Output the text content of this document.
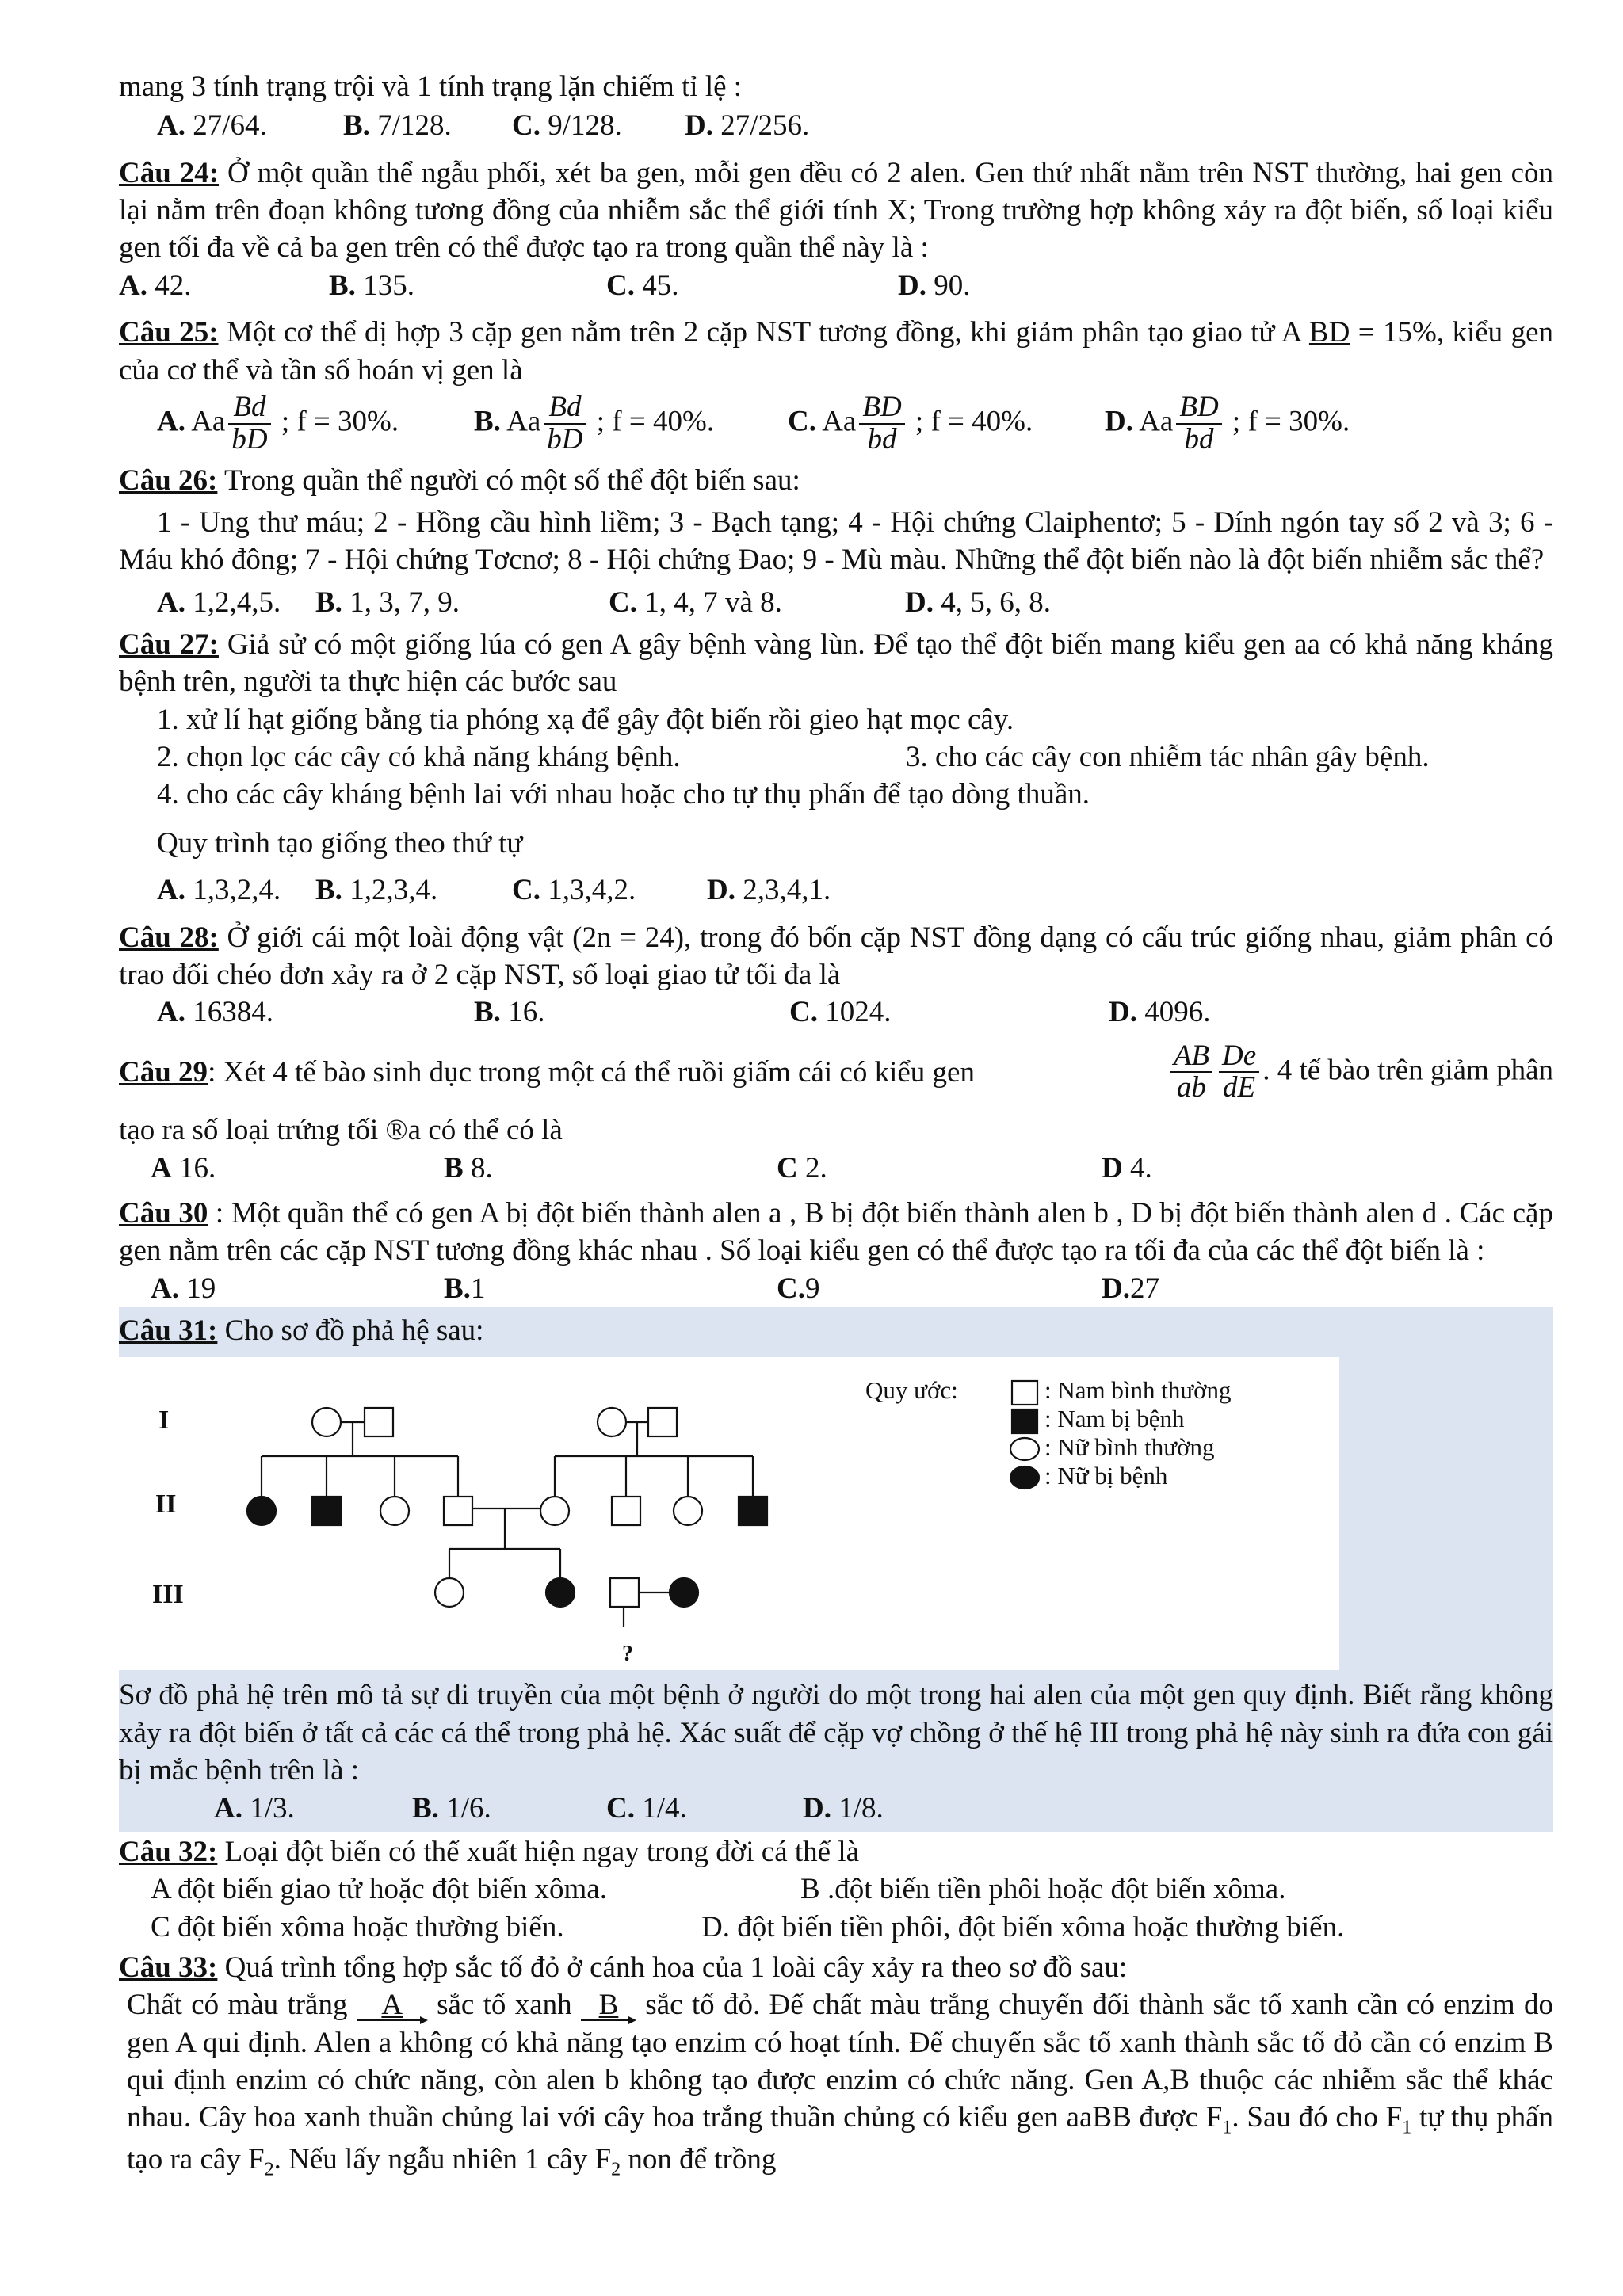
mang 3 tính trạng trội và 1 tính trạng lặn chiếm tỉ lệ :

A. 27/64.	B. 7/128.	C. 9/128.	D. 27/256.

Câu 24: Ở một quần thể ngẫu phối, xét ba gen, mỗi gen đều có 2 alen. Gen thứ nhất nằm trên NST thường, hai gen còn lại nằm trên đoạn không tương đồng của nhiễm sắc thể giới tính X; Trong trường hợp không xảy ra đột biến, số loại kiểu gen tối đa về cả ba gen trên có thể được tạo ra trong quần thể này là :

A. 42.	B. 135.	C. 45.	D. 90.

Câu 25: Một cơ thể dị hợp 3 cặp gen nằm trên 2 cặp NST tương đồng, khi giảm phân tạo giao tử A BD = 15%, kiểu gen của cơ thể và tần số hoán vị gen là

A. Aa $\frac{Bd}{bD}$ ; f = 30%.	B. Aa $\frac{Bd}{bD}$ ; f = 40%.	C. Aa $\frac{BD}{bd}$ ; f = 40%.	D. Aa $\frac{BD}{bd}$ ; f = 30%.

Câu 26: Trong quần thể người có một số thể đột biến sau:

1 - Ung thư máu; 2 - Hồng cầu hình liềm; 3 - Bạch tạng; 4 - Hội chứng Claiphentơ; 5 - Dính ngón tay số 2 và 3; 6 - Máu khó đông; 7 - Hội chứng Tơcnơ; 8 - Hội chứng Đao; 9 - Mù màu. Những thể đột biến nào là đột biến nhiễm sắc thể?

A. 1,2,4,5.	B. 1, 3, 7, 9.	C. 1, 4, 7 và 8.	D. 4, 5, 6, 8.

Câu 27: Giả sử có một giống lúa có gen A gây bệnh vàng lùn. Để tạo thể đột biến mang kiểu gen aa có khả năng kháng bệnh trên, người ta thực hiện các bước sau

1. xử lí hạt giống bằng tia phóng xạ để gây đột biến rồi gieo hạt mọc cây.

2. chọn lọc các cây có khả năng kháng bệnh.	3. cho các cây con nhiễm tác nhân gây bệnh.

4. cho các cây kháng bệnh lai với nhau hoặc cho tự thụ phấn để tạo dòng thuần.

Quy trình tạo giống theo thứ tự

A. 1,3,2,4.	B. 1,2,3,4.	C. 1,3,4,2.	D. 2,3,4,1.

Câu 28: Ở giới cái một loài động vật (2n = 24), trong đó bốn cặp NST đồng dạng có cấu trúc giống nhau, giảm phân có trao đổi chéo đơn xảy ra ở 2 cặp NST, số loại giao tử tối đa là

A. 16384.	B. 16.	C. 1024.	D. 4096.

Câu 29: Xét 4 tế bào sinh dục trong một cá thể ruồi giấm cái có kiểu gen	$\frac{AB}{ab} \frac{De}{dE}$ . 4 tế bào trên giảm phân

tạo ra số loại trứng tối ®a có thể có là

A 16.	B 8.	C 2.	D 4.

Câu 30 : Một quần thể có gen A bị đột biến thành alen a , B bị đột biến thành alen b , D bị đột biến thành alen d . Các cặp gen nằm trên các cặp NST tương đồng khác nhau . Số loại kiểu gen có thể được tạo ra tối đa của các thể đột biến là :

A. 19	B.1	C.9	D.27

Câu 31: Cho sơ đồ phả hệ sau:

I
II
III
?
Quy ước:	: Nam bình thường
: Nam bị bệnh
: Nữ bình thường
: Nữ bị bệnh

Sơ đồ phả hệ trên mô tả sự di truyền của một bệnh ở người do một trong hai alen của một gen quy định. Biết rằng không xảy ra đột biến ở tất cả các cá thể trong phả hệ. Xác suất để cặp vợ chồng ở thế hệ III trong phả hệ này sinh ra đứa con gái bị mắc bệnh trên là :

A. 1/3.	B. 1/6.	C. 1/4.	D. 1/8.

Câu 32: Loại đột biến có thể xuất hiện ngay trong đời cá thể là

A đột biến giao tử hoặc đột biến xôma.	B .đột biến tiền phôi hoặc đột biến xôma.
C đột biến xôma hoặc thường biến.	D. đột biến tiền phôi, đột biến xôma hoặc thường biến.

Câu 33: Quá trình tổng hợp sắc tố đỏ ở cánh hoa của 1 loài cây xảy ra theo sơ đồ sau:

Chất có màu trắng A
sắc tố xanh B
sắc tố đỏ. Để chất màu trắng chuyển đổi thành sắc tố xanh cần có enzim do gen A qui định. Alen a không có khả năng tạo enzim có hoạt tính. Để chuyển sắc tố xanh thành sắc tố đỏ cần có enzim B qui định enzim có chức năng, còn alen b không tạo được enzim có chức năng. Gen A,B thuộc các nhiễm sắc thể khác nhau. Cây hoa xanh thuần chủng lai với cây hoa trắng thuần chủng có kiểu gen aaBB được $F_1$. Sau đó cho $F_1$ tự thụ phấn tạo ra cây $F_2$. Nếu lấy ngẫu nhiên 1 cây $F_2$ non để trồng
